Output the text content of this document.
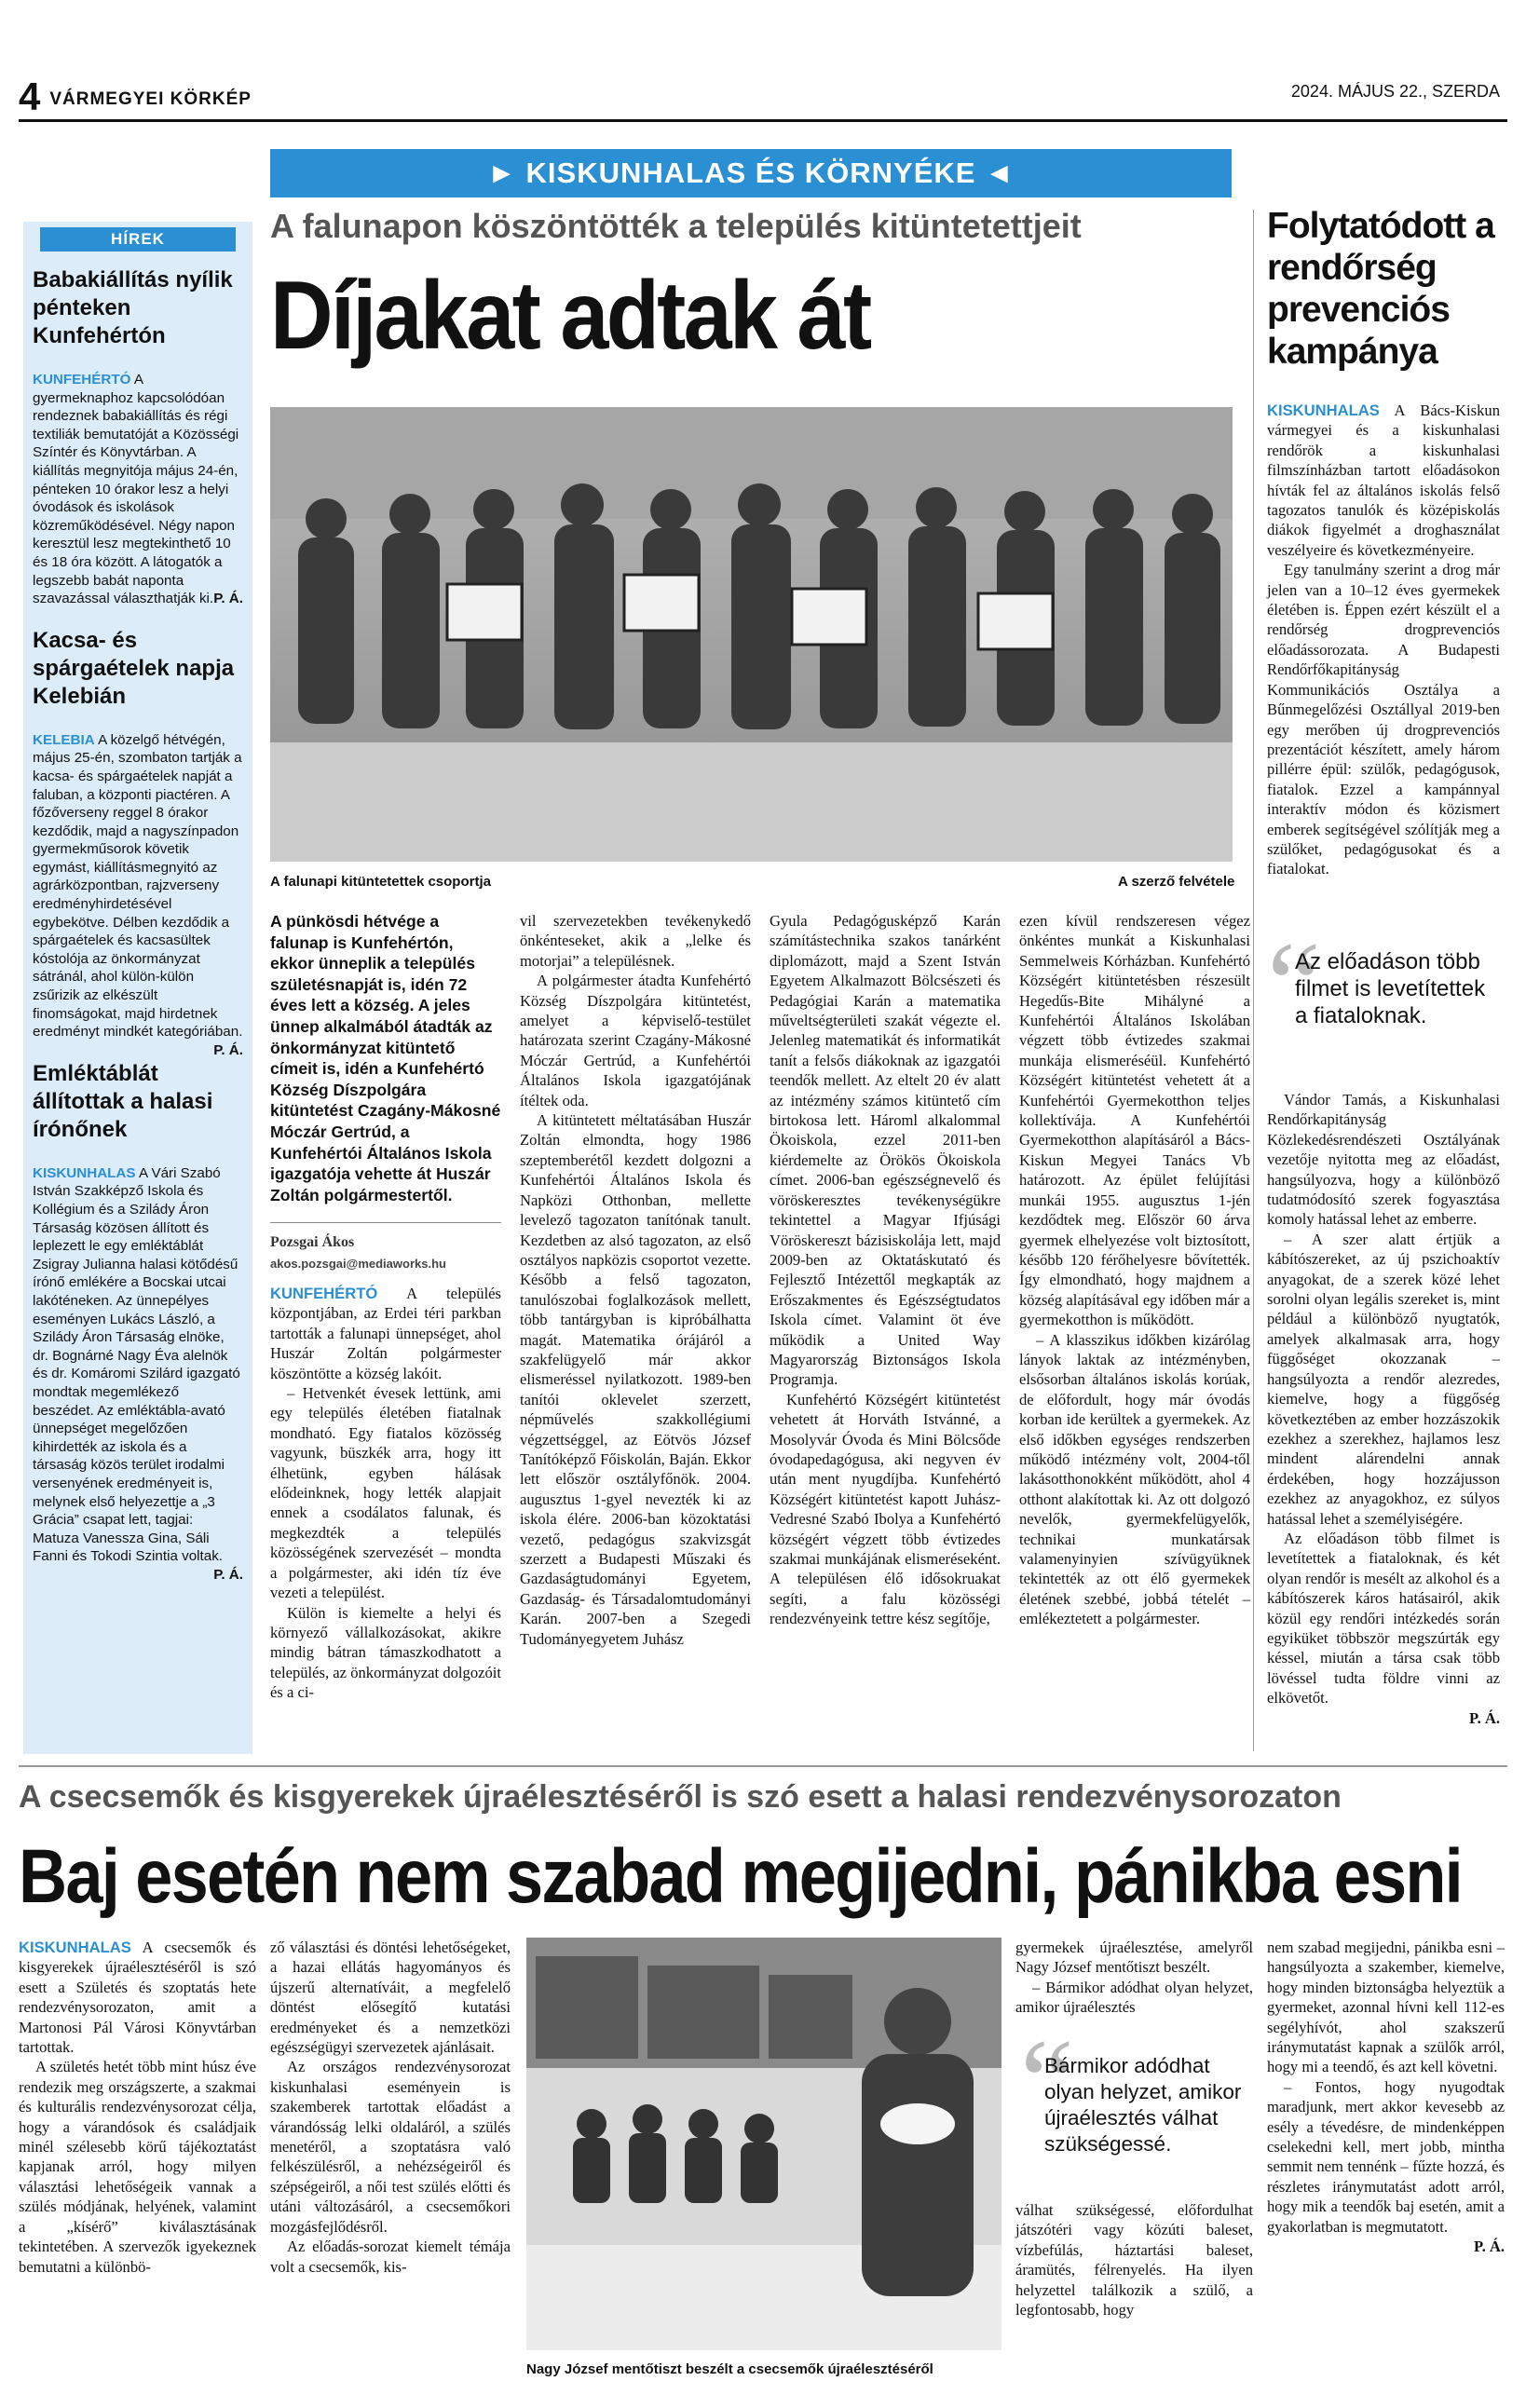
4 VÁRMEGYEI KÖRKÉP	2024. MÁJUS 22., SZERDA
► KISKUNHALAS ÉS KÖRNYÉKE ◄
HÍREK
Babakiállítás nyílik pénteken Kunfehértón
KUNFEHÉRTÓ A gyermeknaphoz kapcsolódóan rendeznek babakiállítás és régi textiliák bemutatóját a Közösségi Színtér és Könyvtárban. A kiállítás megnyitója május 24-én, pénteken 10 órakor lesz a helyi óvodások és iskolások közreműködésével. Négy napon keresztül lesz megtekinthető 10 és 18 óra között. A látogatók a legszebb babát naponta szavazással választhatják ki. P. Á.
Kacsa- és spárgaételek napja Kelebián
KELEBIA A közelgő hétvégén, május 25-én, szombaton tartják a kacsa- és spárgaételek napját a faluban, a központi piactéren. A főzőverseny reggel 8 órakor kezdődik, majd a nagyszínpadon gyermekműsorok követik egymást, kiállításmegnyitó az agrárközpontban, rajzverseny eredményhirdetésével egybekötve. Délben kezdődik a spárgaételek és kacsasültek kóstolója az önkormányzat sátránál, ahol külön-külön zsűrizik az elkészült finomságokat, majd hirdetnek eredményt mindkét kategóriában.
P. Á.
Emléktáblát állítottak a halasi írónőnek
KISKUNHALAS A Vári Szabó István Szakképző Iskola és Kollégium és a Szilády Áron Társaság közösen állított és leplezett le egy emléktáblát Zsigray Julianna halasi kötődésű írónő emlékére a Bocskai utcai lakóténeken. Az ünnepélyes eseményen Lukács László, a Szilády Áron Társaság elnöke, dr. Bognárné Nagy Éva alelnök és dr. Komáromi Szilárd igazgató mondtak megemlékező beszédet. Az emléktábla-avató ünnepséget megelőzően kihirdették az iskola és a társaság közös terület irodalmi versenyének eredményeit is, melynek első helyezettje a „3 Grácia” csapat lett, tagjai: Matuza Vanessza Gina, Sáli Fanni és Tokodi Szintia voltak.
P. Á.
A falunapon köszöntötték a település kitüntetettjeit
Díjakat adtak át
A falunapi kitüntetettek csoportja	A szerző felvétele
A pünkösdi hétvége a falunap is Kunfehértón, ekkor ünneplik a település születésnapját is, idén 72 éves lett a község. A jeles ünnep alkalmából átadták az önkormányzat kitüntető címeit is, idén a Kunfehértó Község Díszpolgára kitüntetést Czagány-Mákosné Móczár Gertrúd, a Kunfehértói Általános Iskola igazgatója vehette át Huszár Zoltán polgármestertől.
Pozsgai Ákos
akos.pozsgai@mediaworks.hu

KUNFEHÉRTÓ A település központjában, az Erdei téri parkban tartották a falunapi ünnepséget, ahol Huszár Zoltán polgármester köszöntötte a község lakóit.

– Hetvenkét évesek lettünk, ami egy település életében fiatalnak mondható. Egy fiatalos közösség vagyunk, büszkék arra, hogy itt élhetünk, egyben hálásak elődeinknek, hogy lették alapjait ennek a csodálatos falunak, és megkezdték a település közösségének szervezését – mondta a polgármester, aki idén tíz éve vezeti a települést.

Külön is kiemelte a helyi és környező vállalkozásokat, akikre mindig bátran támaszkodhatott a település, az önkormányzat dolgozóit és a ci-

vil szervezetekben tevékenykedő önkénteseket, akik a „lelke és motorjai” a településnek.

A polgármester átadta Kunfehértó Község Díszpolgára kitüntetést, amelyet a képviselő-testület határozata szerint Czagány-Mákosné Móczár Gertrúd, a Kunfehértói Általános Iskola igazgatójának ítéltek oda.

A kitüntetett méltatásában Huszár Zoltán elmondta, hogy 1986 szeptemberétől kezdett dolgozni a Kunfehértói Általános Iskola és Napközi Otthonban, mellette levelező tagozaton tanítónak tanult. Kezdetben az alsó tagozaton, az első osztályos napközis csoportot vezette. Később a felső tagozaton, tanulószobai foglalkozások mellett, több tantárgyban is kipróbálhatta magát. Matematika órájáról a szakfelügyelő már akkor elismeréssel nyilatkozott. 1989-ben tanítói oklevelet szerzett, népművelés szakkollégiumi végzettséggel, az Eötvös József Tanítóképző Főiskolán, Baján. Ekkor lett először osztályfőnök. 2004. augusztus 1-gyel nevezték ki az iskola élére. 2006-ban közoktatási vezető, pedagógus szakvizsgát szerzett a Budapesti Műszaki és Gazdaságtudományi Egyetem, Gazdaság- és Társadalomtudományi Karán. 2007-ben a Szegedi Tudományegyetem Juhász

Gyula Pedagógusképző Karán számítástechnika szakos tanárként diplomázott, majd a Szent István Egyetem Alkalmazott Bölcsészeti és Pedagógiai Karán a matematika műveltségterületi szakát végezte el. Jelenleg matematikát és informatikát tanít a felsős diákoknak az igazgatói teendők mellett. Az eltelt 20 év alatt az intézmény számos kitüntető cím birtokosa lett. Hároml alkalommal Ökoiskola, ezzel 2011-ben kiérdemelte az Örökös Ökoiskola címet. 2006-ban egészségnevelő és vöröskeresztes tevékenységükre tekintettel a Magyar Ifjúsági Vöröskereszt bázisiskolája lett, majd 2009-ben az Oktatáskutató és Fejlesztő Intézettől megkapták az Erőszakmentes és Egészségtudatos Iskola címet. Valamint öt éve működik a United Way Magyarország Biztonságos Iskola Programja.

Kunfehértó Községért kitüntetést vehetett át Horváth Istvánné, a Mosolyvár Óvoda és Mini Bölcsőde óvodapedagógusa, aki negyven év után ment nyugdíjba. Kunfehértó Községért kitüntetést kapott Juhász-Vedresné Szabó Ibolya a Kunfehértó községért végzett több évtizedes szakmai munkájának elismeréseként. A településen élő idősokruakat segíti, a falu közösségi rendezvényeink tettre kész segítője,

ezen kívül rendszeresen végez önkéntes munkát a Kiskunhalasi Semmelweis Kórházban. Kunfehértó Községért kitüntetésben részesült Hegedűs-Bite Mihályné a Kunfehértói Általános Iskolában végzett több évtizedes szakmai munkája elismeréséül. Kunfehértó Községért kitüntetést vehetett át a Kunfehértói Gyermekotthon teljes kollektívája. A Kunfehértói Gyermekotthon alapításáról a Bács-Kiskun Megyei Tanács Vb határozott. Az épület felújítási munkái 1955. augusztus 1-jén kezdődtek meg. Először 60 árva gyermek elhelyezése volt biztosított, később 120 férőhelyesre bővítették. Így elmondható, hogy majdnem a község alapításával egy időben már a gyermekotthon is működött.

– A klasszikus időkben kizárólag lányok laktak az intézményben, elsősorban általános iskolás korúak, de előfordult, hogy már óvodás korban ide kerültek a gyermekek. Az első időkben egységes rendszerben működő intézmény volt, 2004-től lakásotthonokként működött, ahol 4 otthont alakítottak ki. Az ott dolgozó nevelők, gyermekfelügyelők, technikai munkatársak valamenyinyien szívügyüknek tekintették az ott élő gyermekek életének szebbé, jobbá tételét – emlékeztetett a polgármester.

Folytatódott a rendőrség prevenciós kampánya

KISKUNHALAS A Bács-Kiskun vármegyei és a kiskunhalasi rendőrök a kiskunhalasi filmszínházban tartott előadásokon hívták fel az általános iskolás felső tagozatos tanulók és középiskolás diákok figyelmét a droghasználat veszélyeire és következményeire.

Egy tanulmány szerint a drog már jelen van a 10–12 éves gyermekek életében is. Éppen ezért készült el a rendőrség drogprevenciós előadássorozata. A Budapesti Rendőrfőkapitányság Kommunikációs Osztálya a Bűnmegelőzési Osztállyal 2019-ben egy merőben új drogprevenciós prezentációt készített, amely három pillérre épül: szülők, pedagógusok, fiatalok. Ezzel a kampánnyal interaktív módon és közismert emberek segítségével szólítják meg a szülőket, pedagógusokat és a fiatalokat.

“
Az előadáson több filmet is levetítettek a fiataloknak.

Vándor Tamás, a Kiskunhalasi Rendőrkapitányság Közlekedésrendészeti Osztályának vezetője nyitotta meg az előadást, hangsúlyozva, hogy a különböző tudatmódosító szerek fogyasztása komoly hatással lehet az emberre.

– A szer alatt értjük a kábítószereket, az új pszichoaktív anyagokat, de a szerek közé lehet sorolni olyan legális szereket is, mint például a különböző nyugtatók, amelyek alkalmasak arra, hogy függőséget okozzanak – hangsúlyozta a rendőr alezredes, kiemelve, hogy a függőség következtében az ember hozzászokik ezekhez a szerekhez, hajlamos lesz mindent alárendelni annak érdekében, hogy hozzájusson ezekhez az anyagokhoz, ez súlyos hatással lehet a személyiségére.

Az előadáson több filmet is levetítettek a fiataloknak, és két olyan rendőr is mesélt az alkohol és a kábítószerek káros hatásairól, akik közül egy rendőri intézkedés során egyiküket többször megszúrták egy késsel, miután a társa csak több lövéssel tudta földre vinni az elkövetőt.

P. Á.

A csecsemők és kisgyerekek újraélesztéséről is szó esett a halasi rendezvénysorozaton
Baj esetén nem szabad megijedni, pánikba esni

KISKUNHALAS A csecsemők és kisgyerekek újraélesztéséről is szó esett a Születés és szoptatás hete rendezvénysorozaton, amit a Martonosi Pál Városi Könyvtárban tartottak.

A születés hetét több mint húsz éve rendezik meg országszerte, a szakmai és kulturális rendezvénysorozat célja, hogy a várandósok és családjaik minél szélesebb körű tájékoztatást kapjanak arról, hogy milyen választási lehetőségeik vannak a szülés módjának, helyének, valamint a „kísérő” kiválasztásának tekintetében. A szervezők igyekeznek bemutatni a különbö-

ző választási és döntési lehetőségeket, a hazai ellátás hagyományos és újszerű alternatíváit, a megfelelő döntést elősegítő kutatási eredményeket és a nemzetközi egészségügyi szervezetek ajánlásait.

Az országos rendezvénysorozat kiskunhalasi eseményein is szakemberek tartottak előadást a várandósság lelki oldaláról, a szülés menetéről, a szoptatásra való felkészülésről, a nehézségeiről és szépségeiről, a női test szülés előtti és utáni változásáról, a csecsemőkori mozgásfejlődésről.

Az előadás-sorozat kiemelt témája volt a csecsemők, kis-

Nagy József mentőtiszt beszélt a csecsemők újraélesztéséről

gyermekek újraélesztése, amelyről Nagy József mentőtiszt beszélt.

– Bármikor adódhat olyan helyzet, amikor újraélesztés

“
Bármikor adódhat olyan helyzet, amikor újraélesztés válhat szükségessé.

válhat szükségessé, előfordulhat játszótéri vagy közúti baleset, vízbefúlás, háztartási baleset, áramütés, félrenyelés. Ha ilyen helyzettel találkozik a szülő, a legfontosabb, hogy

nem szabad megijedni, pánikba esni – hangsúlyozta a szakember, kiemelve, hogy minden biztonságba helyeztük a gyermeket, azonnal hívni kell 112-es segélyhívót, ahol szakszerű iránymutatást kapnak a szülők arról, hogy mi a teendő, és azt kell követni.

– Fontos, hogy nyugodtak maradjunk, mert akkor kevesebb az esély a tévedésre, de mindenképpen cselekedni kell, mert jobb, mintha semmit nem tennénk – fűzte hozzá, és részletes iránymutatást adott arról, hogy mik a teendők baj esetén, amit a gyakorlatban is megmutatott.

P. Á.
